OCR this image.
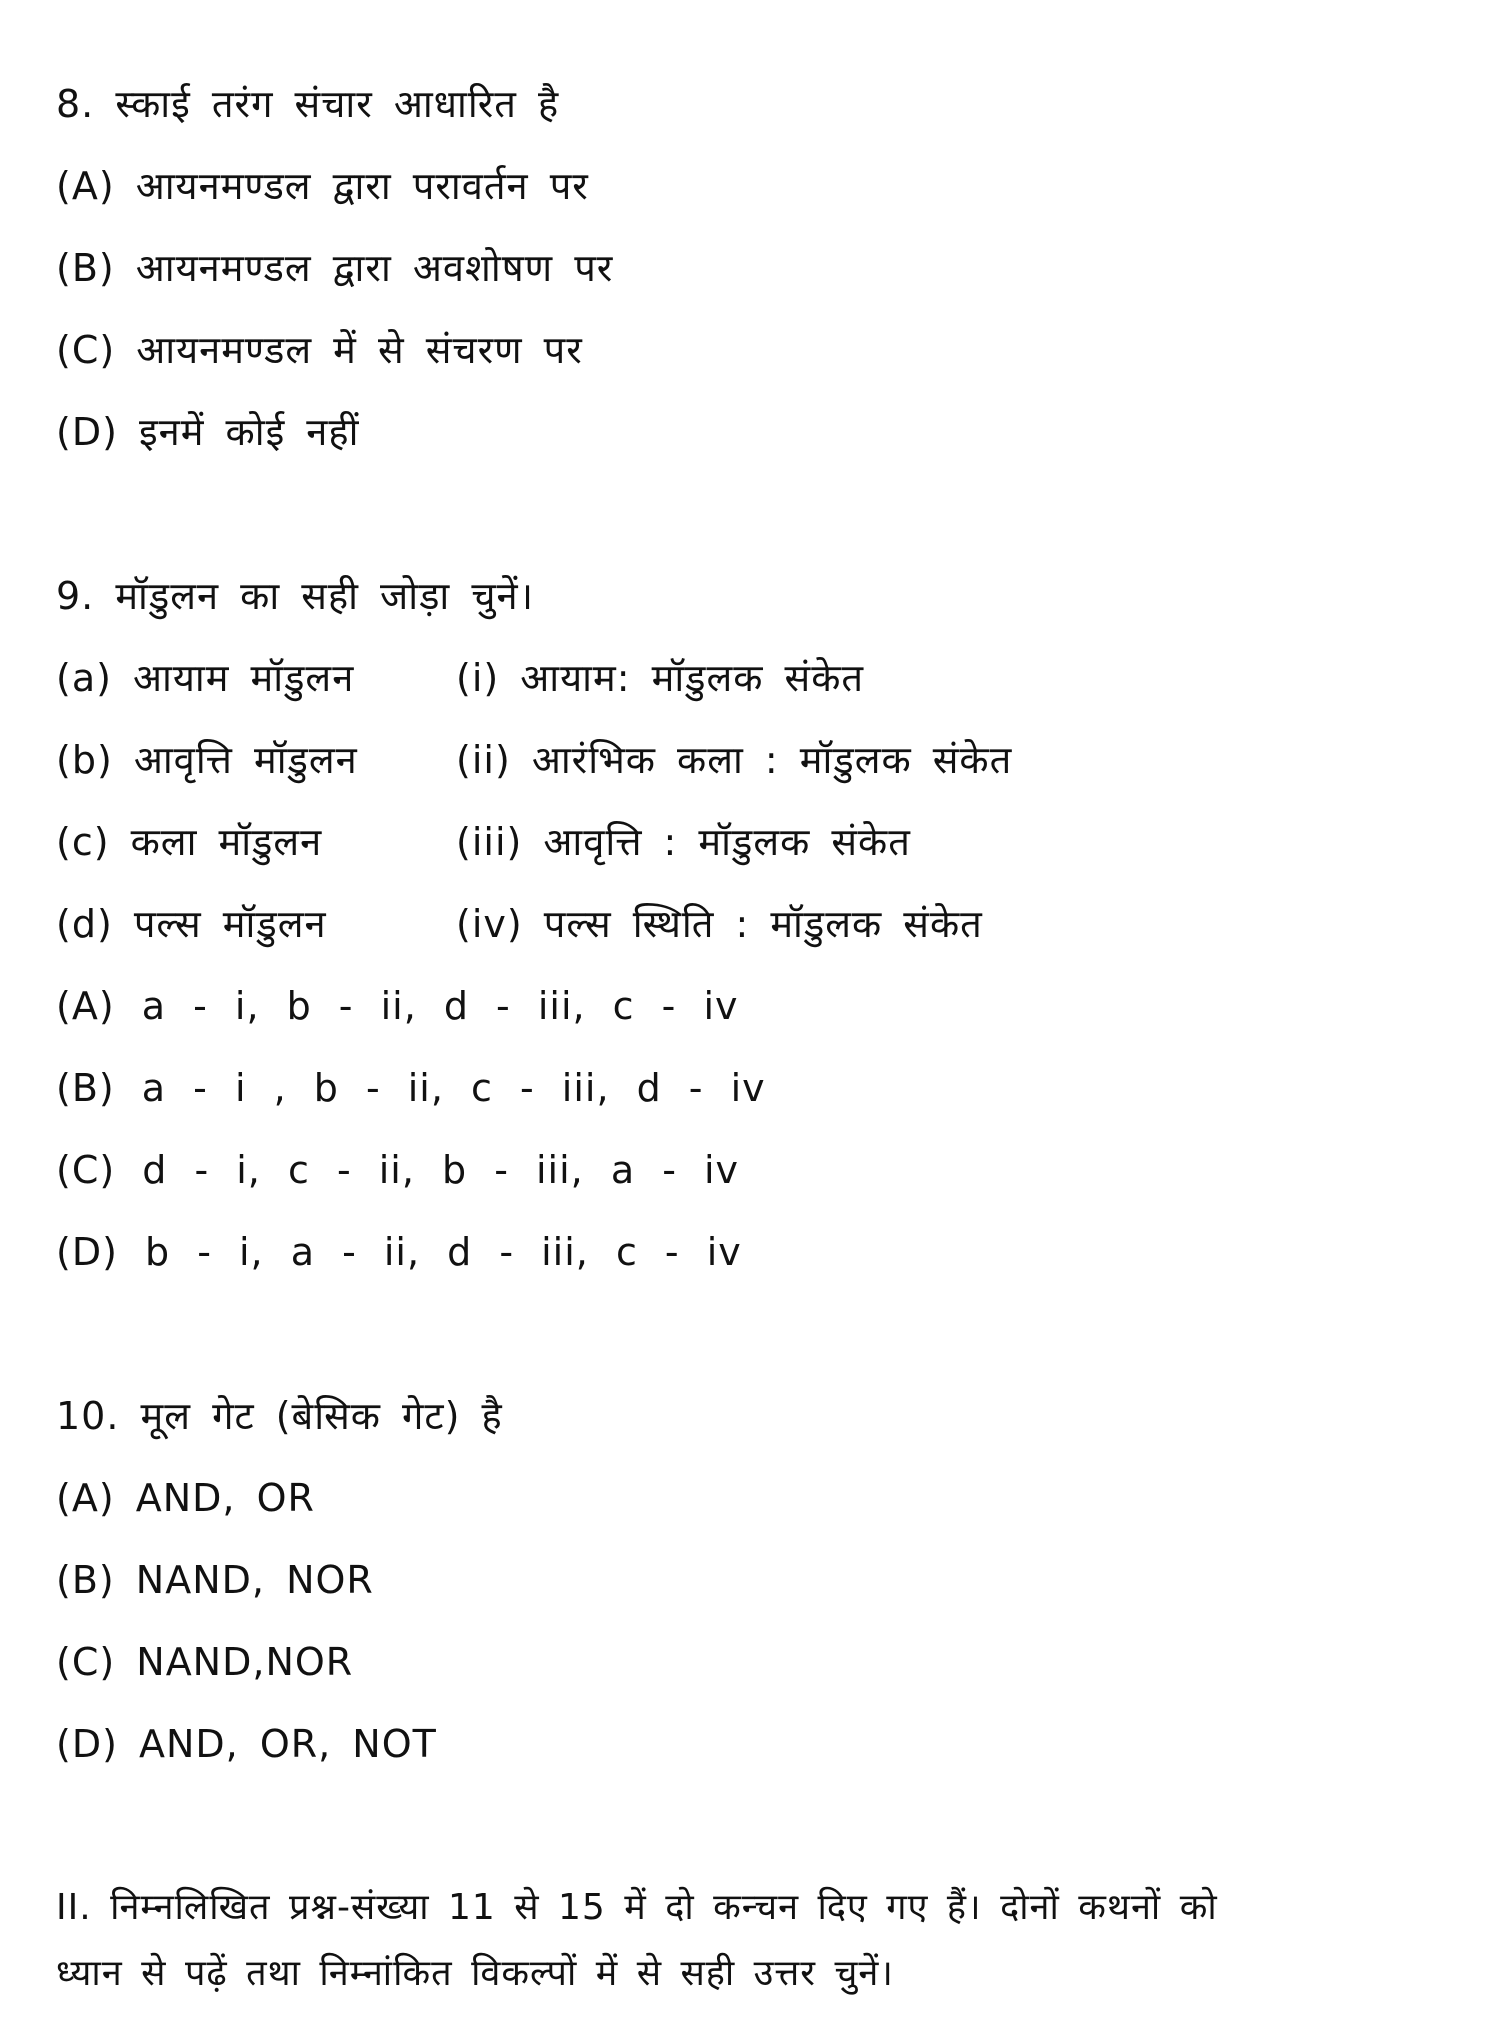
8. स्काई तरंग संचार आधारित है
(A) आयनमण्डल द्वारा परावर्तन पर
(B) आयनमण्डल द्वारा अवशोषण पर
(C) आयनमण्डल में से संचरण पर
(D) इनमें कोई नहीं
9. मॉडुलन का सही जोड़ा चुनें।
(a) आयाम मॉडुलन	(i) आयाम: मॉडुलक संकेत
(b) आवृत्ति मॉडुलन	(ii) आरंभिक कला : मॉडुलक संकेत
(c) कला मॉडुलन	(iii) आवृत्ति : मॉडुलक संकेत
(d) पल्स मॉडुलन	(iv) पल्स स्थिति : मॉडुलक संकेत
(A) a - i, b - ii, d - iii, c - iv
(B) a - i , b - ii, c - iii, d - iv
(C) d - i, c - ii, b - iii, a - iv
(D) b - i, a - ii, d - iii, c - iv
10. मूल गेट (बेसिक गेट) है
(A) AND, OR
(B) NAND, NOR
(C) NAND,NOR
(D) AND, OR, NOT
II. निम्नलिखित प्रश्न-संख्या 11 से 15 में दो कन्चन दिए गए हैं। दोनों कथनों को
ध्यान से पढ़ें तथा निम्नांकित विकल्पों में से सही उत्तर चुनें।
